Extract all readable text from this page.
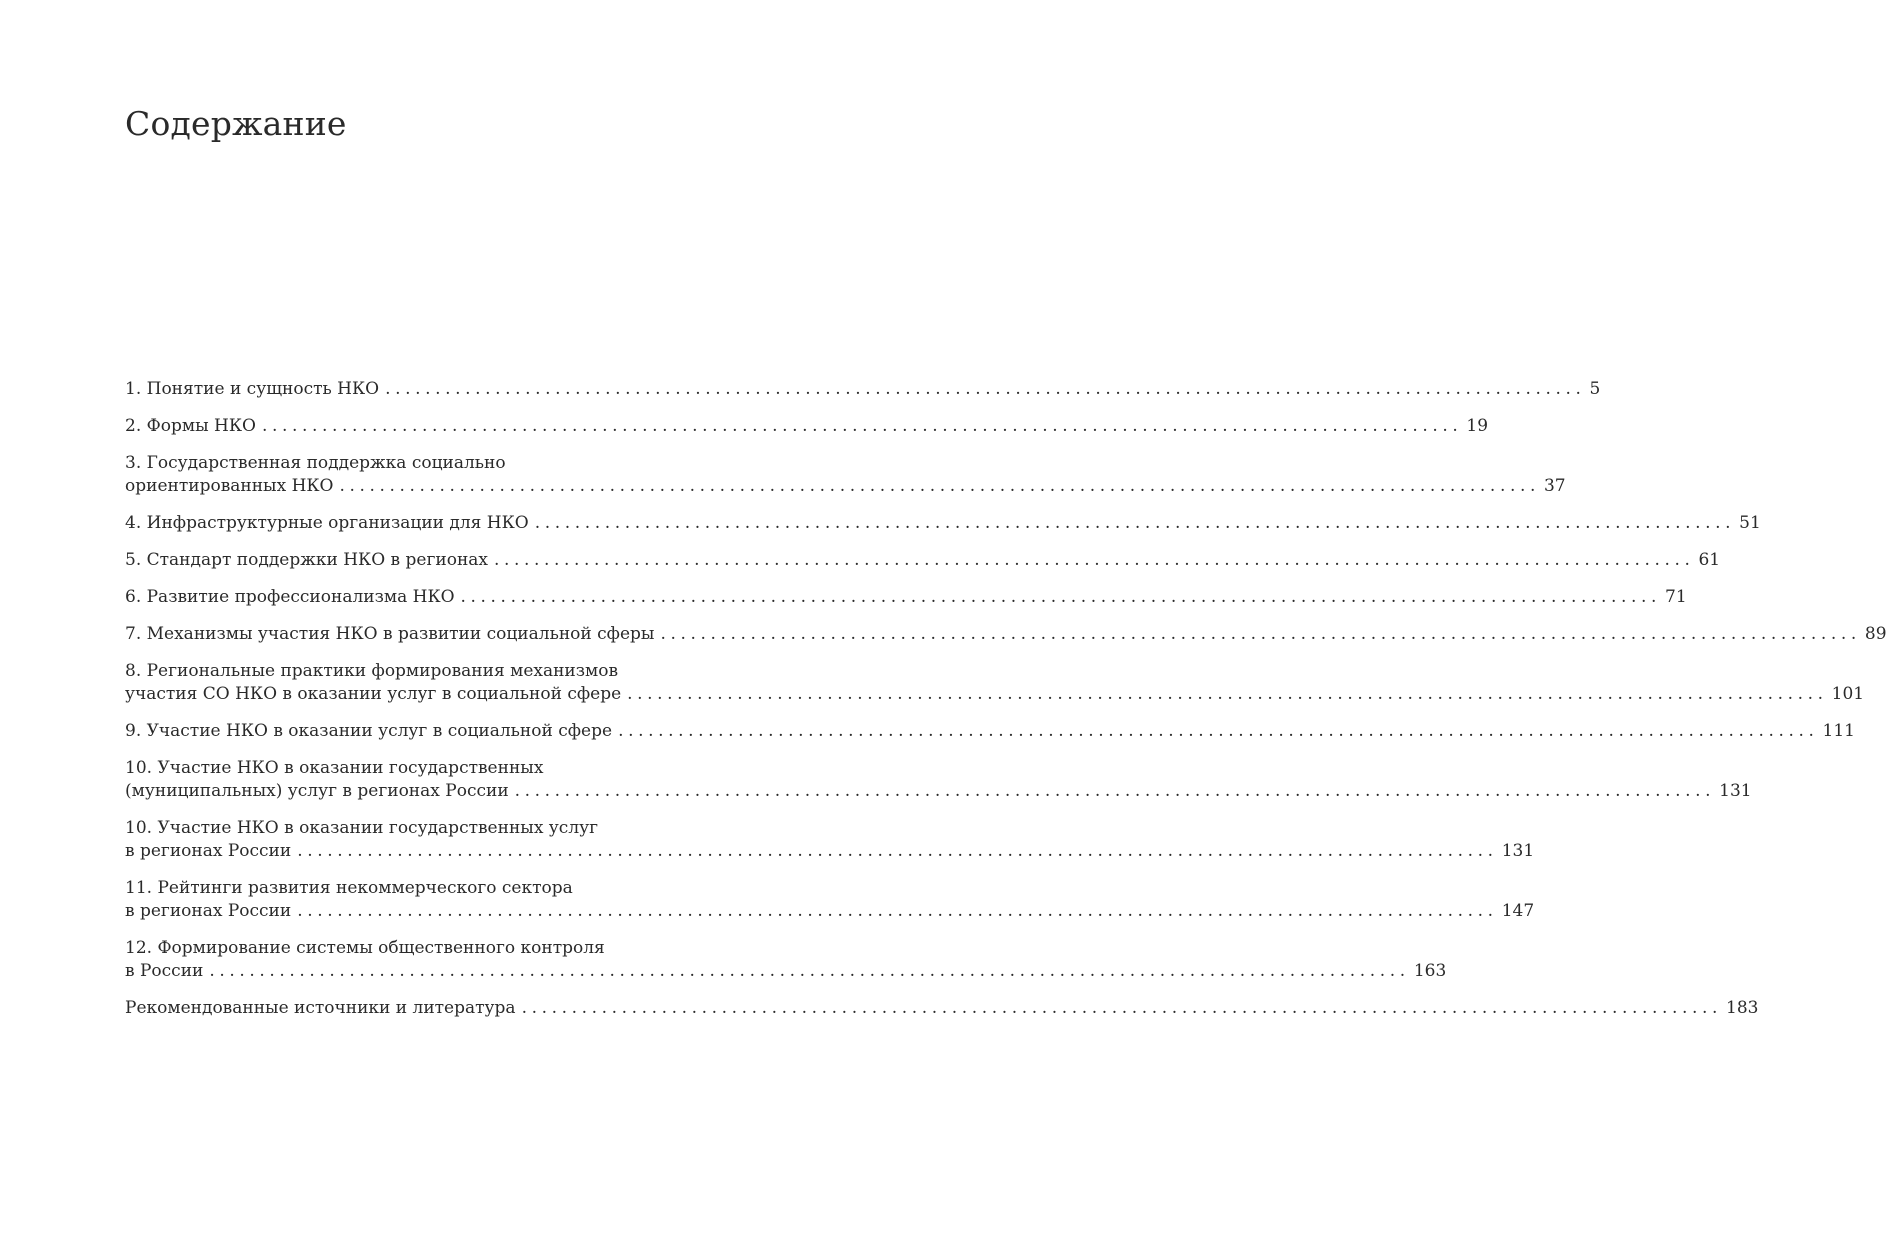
Содержание
1. Понятие и сущность НКО ........................................................................................................................ 5
2. Формы НКО ........................................................................................................................ 19
3. Государственная поддержка социально
ориентированных НКО ........................................................................................................................ 37
4. Инфраструктурные организации для НКО ........................................................................................................................ 51
5. Стандарт поддержки НКО в регионах ........................................................................................................................ 61
6. Развитие профессионализма НКО ........................................................................................................................ 71
7. Механизмы участия НКО в развитии социальной сферы ........................................................................................................................ 89
8. Региональные практики формирования механизмов
участия СО НКО в оказании услуг в социальной сфере ........................................................................................................................ 101
9. Участие НКО в оказании услуг в социальной сфере ........................................................................................................................ 111
10. Участие НКО в оказании государственных
(муниципальных) услуг в регионах России ........................................................................................................................ 131
10. Участие НКО в оказании государственных услуг
в регионах России ........................................................................................................................ 131
11. Рейтинги развития некоммерческого сектора
в регионах России ........................................................................................................................ 147
12. Формирование системы общественного контроля
в России ........................................................................................................................ 163
Рекомендованные источники и литература ........................................................................................................................ 183
